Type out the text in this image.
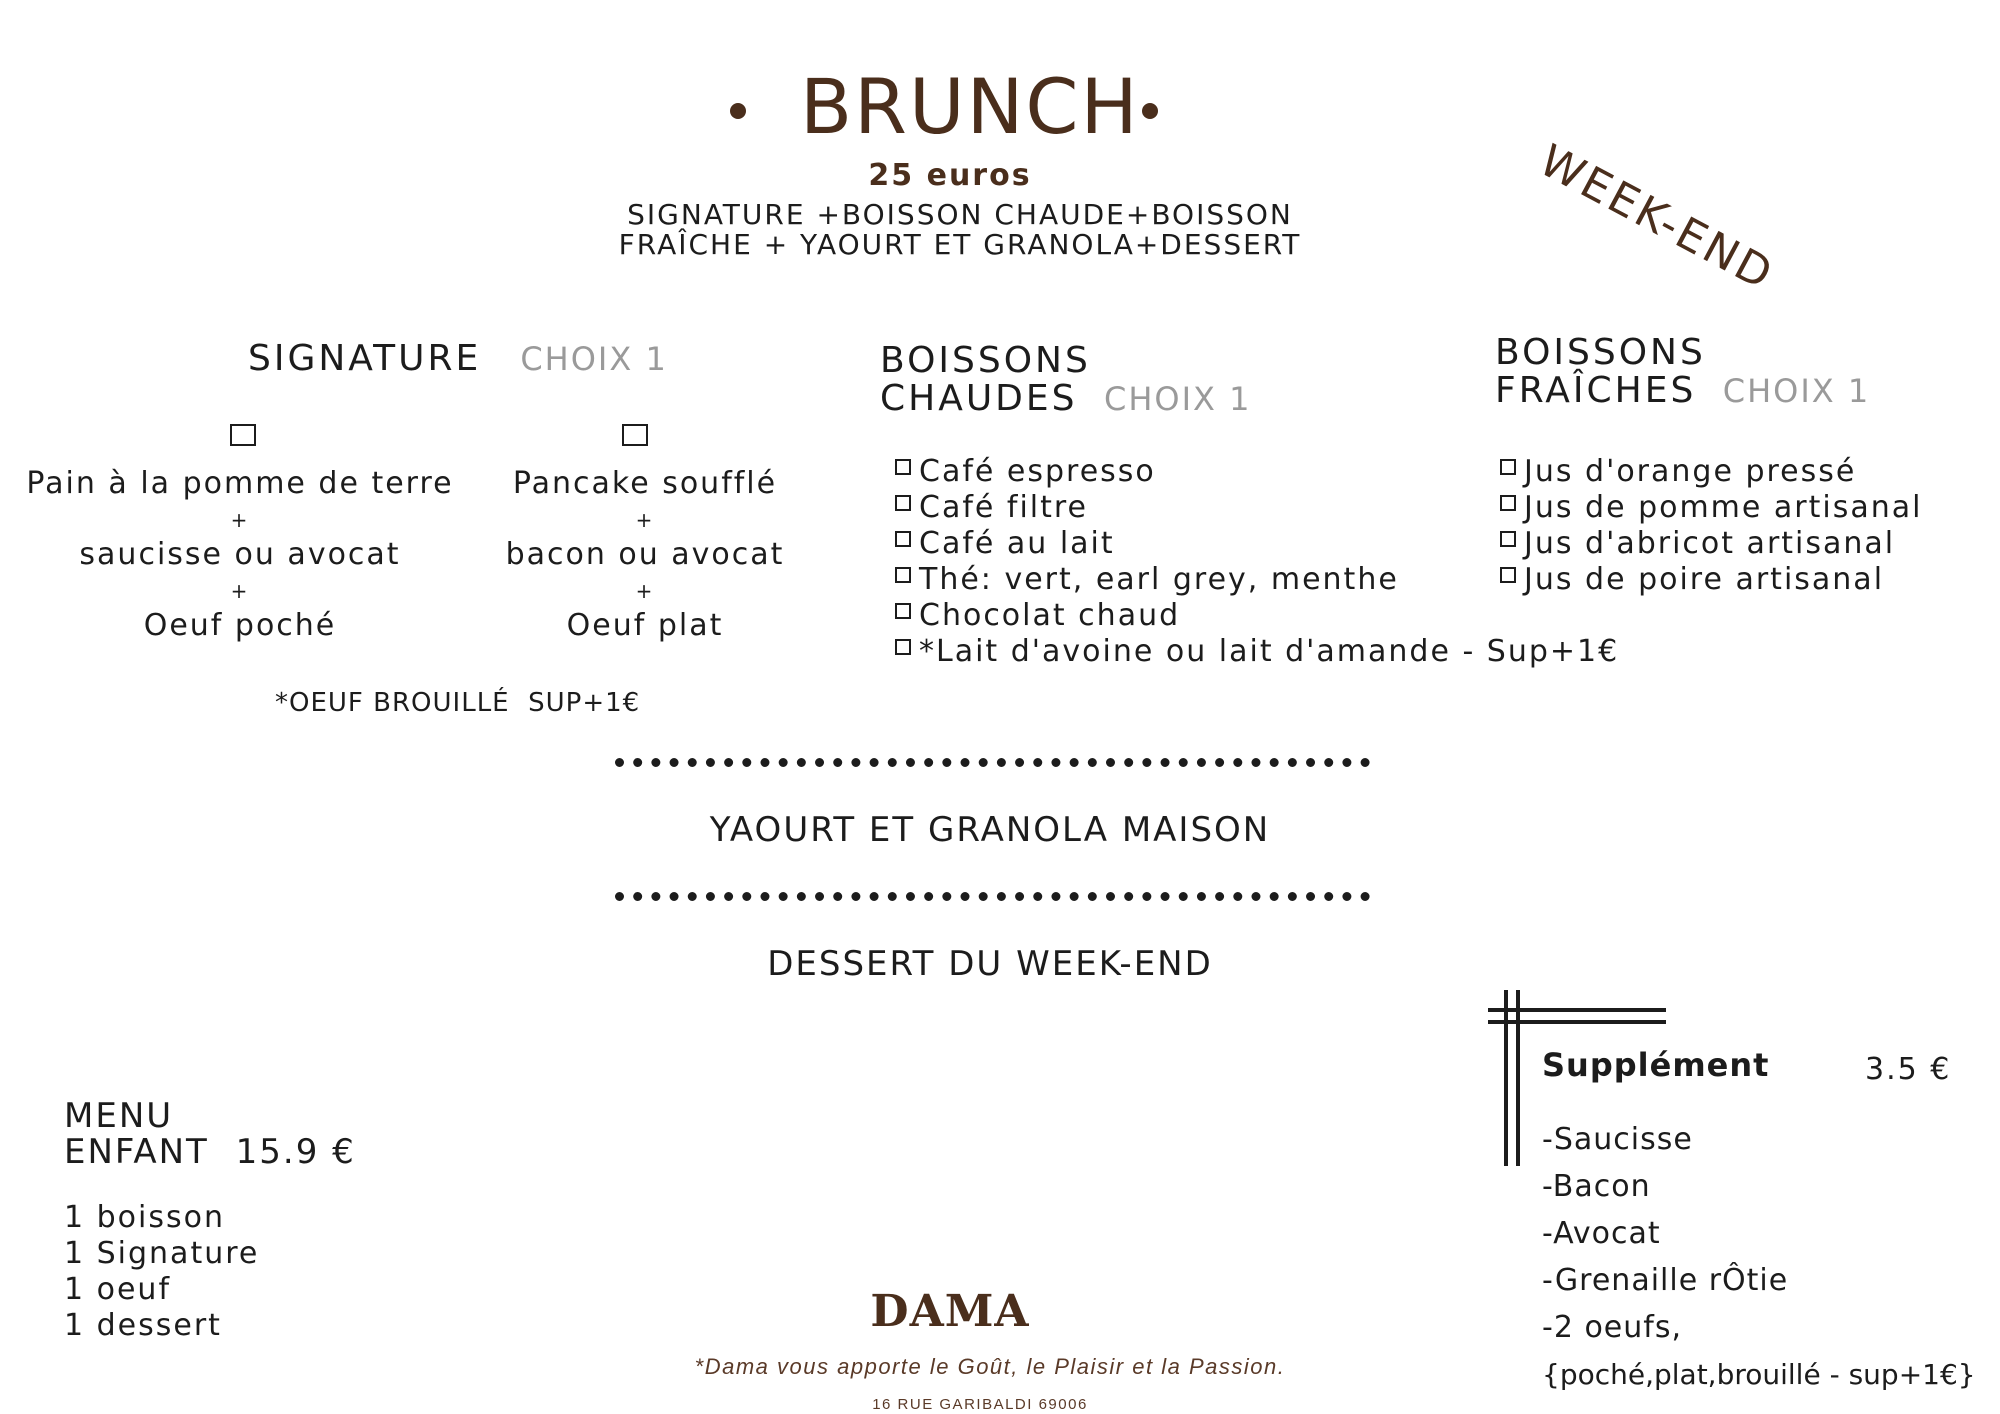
BRUNCH
25 euros
SIGNATURE +BOISSON CHAUDE+BOISSON
FRAÎCHE + YAOURT ET GRANOLA+DESSERT	WEEK-END
SIGNATURE CHOIX 1
Pain à la pomme de terre
+
saucisse ou avocat
+
Oeuf poché
Pancake soufflé
+
bacon ou avocat
+
Oeuf plat
*OEUF BROUILLÉ  SUP+1€
BOISSONS
CHAUDES CHOIX 1
Café espresso
Café filtre
Café au lait
Thé: vert, earl grey, menthe
Chocolat chaud
*Lait d'avoine ou lait d'amande - Sup+1€
BOISSONS
FRAÎCHES CHOIX 1
Jus d'orange pressé
Jus de pomme artisanal
Jus d'abricot artisanal
Jus de poire artisanal
YAOURT ET GRANOLA MAISON
DESSERT DU WEEK-END
MENU
ENFANT 15.9 €
1 boisson
1 Signature
1 oeuf
1 dessert
Supplément	3.5 €
-Saucisse
-Bacon
-Avocat
-Grenaille rÔtie
-2 oeufs,
{poché,plat,brouillé - sup+1€}
DAMA
*Dama vous apporte le Goût, le Plaisir et la Passion.
16 RUE GARIBALDI 69006
